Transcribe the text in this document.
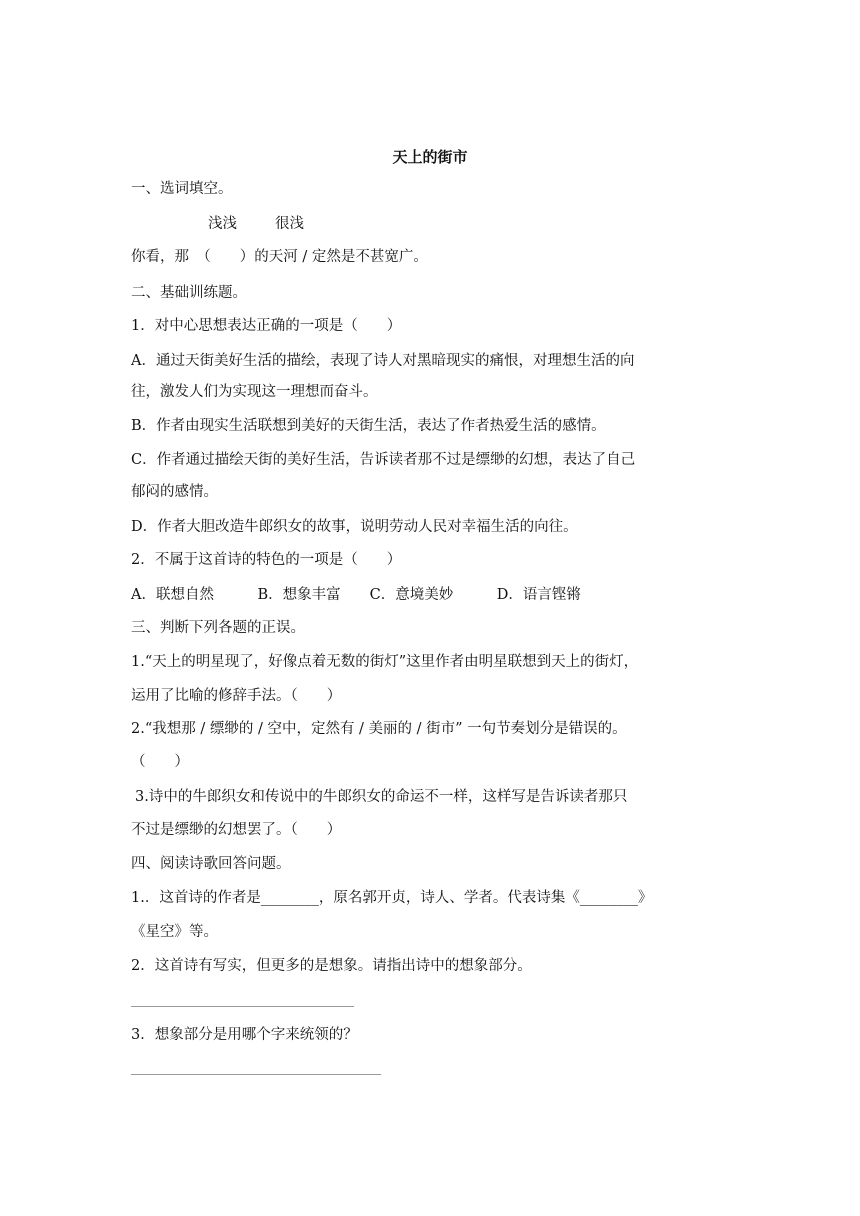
天上的街市
一、选词填空。
浅浅	很浅
你看，那　（　　）的天河 / 定然是不甚宽广。
二、基础训练题。
1．对中心思想表达正确的一项是（　　）
A．通过天街美好生活的描绘，表现了诗人对黑暗现实的痛恨，对理想生活的向
往，激发人们为实现这一理想而奋斗。
B．作者由现实生活联想到美好的天街生活，表达了作者热爱生活的感情。
C．作者通过描绘天街的美好生活，告诉读者那不过是缥缈的幻想，表达了自己
郁闷的感情。
D．作者大胆改造牛郎织女的故事，说明劳动人民对幸福生活的向往。
2．不属于这首诗的特色的一项是（　　）
A．联想自然　　　B．想象丰富　　C．意境美妙　　　D．语言铿锵
三、判断下列各题的正误。
1.“天上的明星现了，好像点着无数的街灯”这里作者由明星联想到天上的街灯，
运用了比喻的修辞手法。（　　）
2.“我想那 / 缥缈的 / 空中，定然有 / 美丽的 / 街市” 一句节奏划分是错误的。
（　　）
3.诗中的牛郎织女和传说中的牛郎织女的命运不一样，这样写是告诉读者那只
不过是缥缈的幻想罢了。（　　）
四、阅读诗歌回答问题。
1.．这首诗的作者是________，原名郭开贞，诗人、学者。代表诗集《________》
《星空》等。
2．这首诗有写实，但更多的是想象。请指出诗中的想象部分。
3．想象部分是用哪个字来统领的？
